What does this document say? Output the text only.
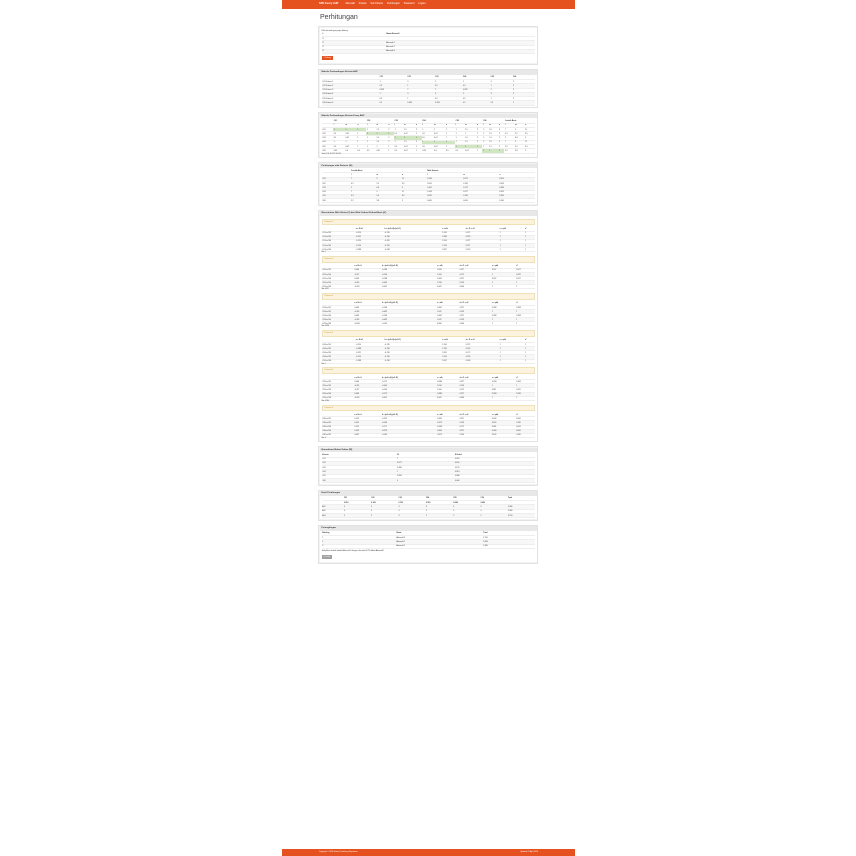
SPK Fuzzy AHP	Alternatif Kriteria Sub Kriteria Perhitungan Password Logout
Perhitungan
Pilih alternatif yang ingin dihitung
#	Nama Alternatif
☐	
☐	Alternatif 1
☐	Alternatif 2
☐	Alternatif 3
✎ Hitung
Matriks Perbandingan Kriteria AHP
	C01	C02	C03	C04	C05	C06
C01 Kriteria 1	1	3	2	1	3	5
C02 Kriteria 2	0.3	1	0.5	0.3	1	3
C03 Kriteria 3	0.333	2	1	0.333	2	3
C04 Kriteria 4	1	3	3	1	3	5
C05 Kriteria 5	0.3	1	0.5	0.3	1	3
C06 Kriteria 6	0.2	0.333	0.333	0.2	0.3	1
Matriks Perbandingan Kriteria Fuzzy AHP
	C01			C02			C03			C04			C05			C06			Jumlah Baris		
	l	m	u	l	m	u	l	m	u	l	m	u	l	m	u	l	m	u	l	m	u
C01	1	1	1	1	1.5	2	1	1.5	2	1	1	1	1	1.5	2	2	2.5	3	7	9	11
C02	0.5	0.67	1	1	1	1	0.5	0.67	1	0.5	0.67	1	1	1	1	1	1.5	2	4.5	5.5	6.5
C03	0.5	0.67	1	1	1.5	2	1	1	1	0.5	0.67	1	1	1.5	2	1	1.5	2	5	6.8	9
C04	1	1	1	1	1.5	2	1	1.5	2	1	1	1	1	1.5	2	2	2.5	3	7	9	11
C05	0.5	0.67	1	1	1	1	0.5	0.67	1	0.5	0.67	1	1	1	1	1	1.5	2	4.5	5.5	6.5
C06	0.33	0.4	0.5	0.5	0.67	1	0.5	0.67	1	0.33	0.4	0.5	0.5	0.67	1	1	1	1	3.2	3.8	5
Total (L, M, U) 31.2 39.6 49
Perhitungan nilai Sintesis (Si)
	Jumlah Baris			Nilai Sintesis		
	l	m	u	l	m	u
C01	7	9	11	0.143	0.227	0.353
C02	4.5	5.5	6.5	0.092	0.139	0.208
C03	5	6.8	9	0.102	0.172	0.288
C04	7	9	11	0.143	0.227	0.353
C05	4.5	5.5	6.5	0.092	0.139	0.208
C06	3.2	3.8	5	0.065	0.096	0.160
Menentukan Nilai Vektor (V) dan Nilai Ordinat Defuzzifikasi (d')
Kriteria 1
	a = l2-u1	b = (m2-u2)-(m1-l1)	c = a/b	d = l1 = u2	e = ydd	d'
C01>=C02	-0.210	-0.135	1.556	0.227	1	1
C01>=C03	-0.251	-0.136	1.846	0.229	1	1
C01>=C04	-0.210	-0.135	1.556	0.227	1	1
C01>=C05	-0.210	-0.135	1.556	0.227	1	1
C01>=C06	-0.288	-0.138	2.087	0.229	1	1
Min: 1
Kriteria 2
	a = l2-u1	b = (m2-u2)-(m1-l1)	c = a/b	d = l1 = u2	e = ydd	d'
C02>=C01	0.066	-0.188	-0.351	0.227	0.527	0.527
C02>=C03	-0.117	-0.106	1.104	0.172	1	0.811
C02>=C04	0.066	-0.188	-0.351	0.227	0.527	0.527
C02>=C05	-0.116	-0.094	1.234	0.139	1	1
C02>=C06	-0.031	-0.091	0.341	0.096	1	1
Min: 0.527
Kriteria 3
	a = l2-u1	b = (m2-u2)-(m1-l1)	c = a/b	d = l1 = u2	e = ydd	d'
C03>=C01	0.066	-0.180	-0.367	0.227	0.398	0.398
C03>=C02	-0.116	-0.093	1.247	0.139	1	1
C03>=C04	0.066	-0.180	-0.367	0.227	0.398	0.398
C03>=C05	-0.116	-0.093	1.247	0.139	1	1
C03>=C06	-0.058	-0.100	0.580	0.096	1	1
Min: 0.398
Kriteria 4
	a = l2-u1	b = (m2-u2)-(m1-l1)	c = a/b	d = l1 = u2	e = ydd	d'
C04>=C01	-0.210	-0.135	1.556	0.227	1	1
C04>=C02	-0.288	-0.136	2.118	0.139	1	1
C04>=C03	-0.251	-0.135	1.859	0.172	1	1
C04>=C05	-0.210	-0.135	1.556	0.139	1	1
C04>=C06	-0.288	-0.138	2.087	0.096	1	1
Min: 1
Kriteria 5
	a = l2-u1	b = (m2-u2)-(m1-l1)	c = a/b	d = l1 = u2	e = ydd	d'
C05>=C01	0.066	-0.172	-0.384	0.227	0.284	0.284
C05>=C02	-0.116	-0.094	1.234	0.139	1	1
C05>=C03	-0.117	-0.106	1.104	0.172	0.811	0.811
C05>=C04	0.066	-0.172	-0.384	0.227	0.284	0.284
C05>=C06	-0.031	-0.091	0.341	0.096	1	1
Min: 0.284
Kriteria 6
	a = l2-u1	b = (m2-u2)-(m1-l1)	c = a/b	d = l1 = u2	e = ydd	d'
C06>=C01	0.143	-0.223	-0.641	0.227	0.000	0.000
C06>=C02	0.092	-0.160	-0.575	0.139	0.165	0.165
C06>=C03	0.102	-0.171	-0.596	0.172	0.061	0.061
C06>=C04	0.143	-0.223	-0.641	0.227	0.000	0.000
C06>=C05	0.092	-0.160	-0.575	0.139	0.165	0.165
Min: 0
Normalisasi Bobot Vektor (W)
Kriteria	W	W Lokal
C01	1	0.310
C02	0.527	0.163
C03	0.398	0.123
C04	1	0.310
C05	0.284	0.088
C06	0	0.000
Hasil Perhitungan
	C01	C02	C03	C04	C05	C06	Total
	0.310	0.163	0.123	0.310	0.088	0.000	
A01	4	3	3	3	4	5	3.466
A02	3	4	4	3	3	4	3.380
A03	5	5	3	5	5	5	4.750
Perangkingan
Ranking	Nama	Total
1	Alternatif 3	4.750
2	Alternatif 1	3.466
3	Alternatif 2	3.380
Jadi pilihan terbaik adalah Alternatif 3 dengan nilai total 4.750 diikuti Alternatif 1
⎙ Cetak
Copyright © 2018 Sistem Pendukung Keputusan	Updated 01 April 2018
